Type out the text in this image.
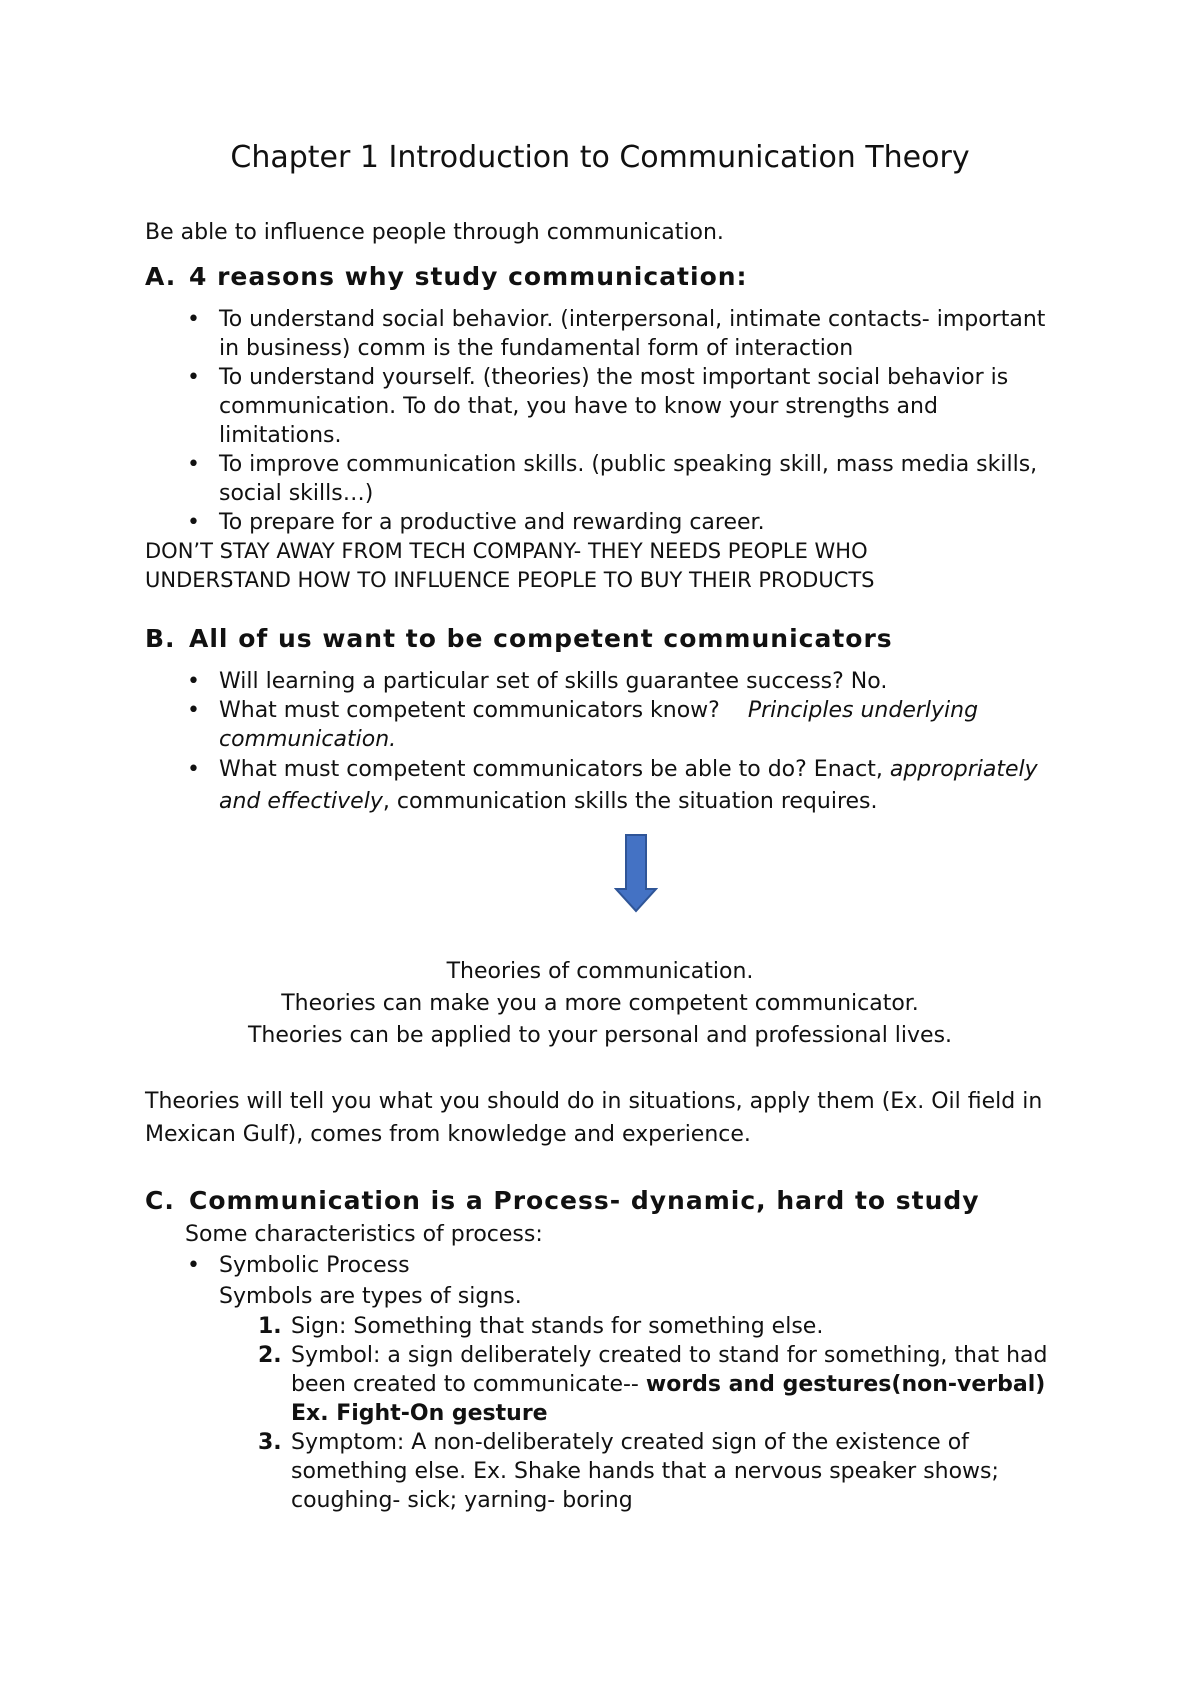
Chapter 1 Introduction to Communication Theory

Be able to influence people through communication.

A. 4 reasons why study communication:
• To understand social behavior. (interpersonal, intimate contacts- important in business) comm is the fundamental form of interaction
• To understand yourself. (theories) the most important social behavior is communication. To do that, you have to know your strengths and limitations.
• To improve communication skills. (public speaking skill, mass media skills, social skills…)
• To prepare for a productive and rewarding career.

DON’T STAY AWAY FROM TECH COMPANY- THEY NEEDS PEOPLE WHO

UNDERSTAND HOW TO INFLUENCE PEOPLE TO BUY THEIR PRODUCTS

B. All of us want to be competent communicators
• Will learning a particular set of skills guarantee success? No.
• What must competent communicators know? Principles underlying communication.
• What must competent communicators be able to do? Enact, appropriately and effectively, communication skills the situation requires.

Theories of communication.

Theories can make you a more competent communicator.

Theories can be applied to your personal and professional lives.

Theories will tell you what you should do in situations, apply them (Ex. Oil field in Mexican Gulf), comes from knowledge and experience.

C. Communication is a Process- dynamic, hard to study

Some characteristics of process:

• Symbolic Process
Symbols are types of signs.
1. Sign: Something that stands for something else.
2. Symbol: a sign deliberately created to stand for something, that had been created to communicate-- words and gestures(non-verbal) Ex. Fight-On gesture
3. Symptom: A non-deliberately created sign of the existence of something else. Ex. Shake hands that a nervous speaker shows; coughing- sick; yarning- boring
